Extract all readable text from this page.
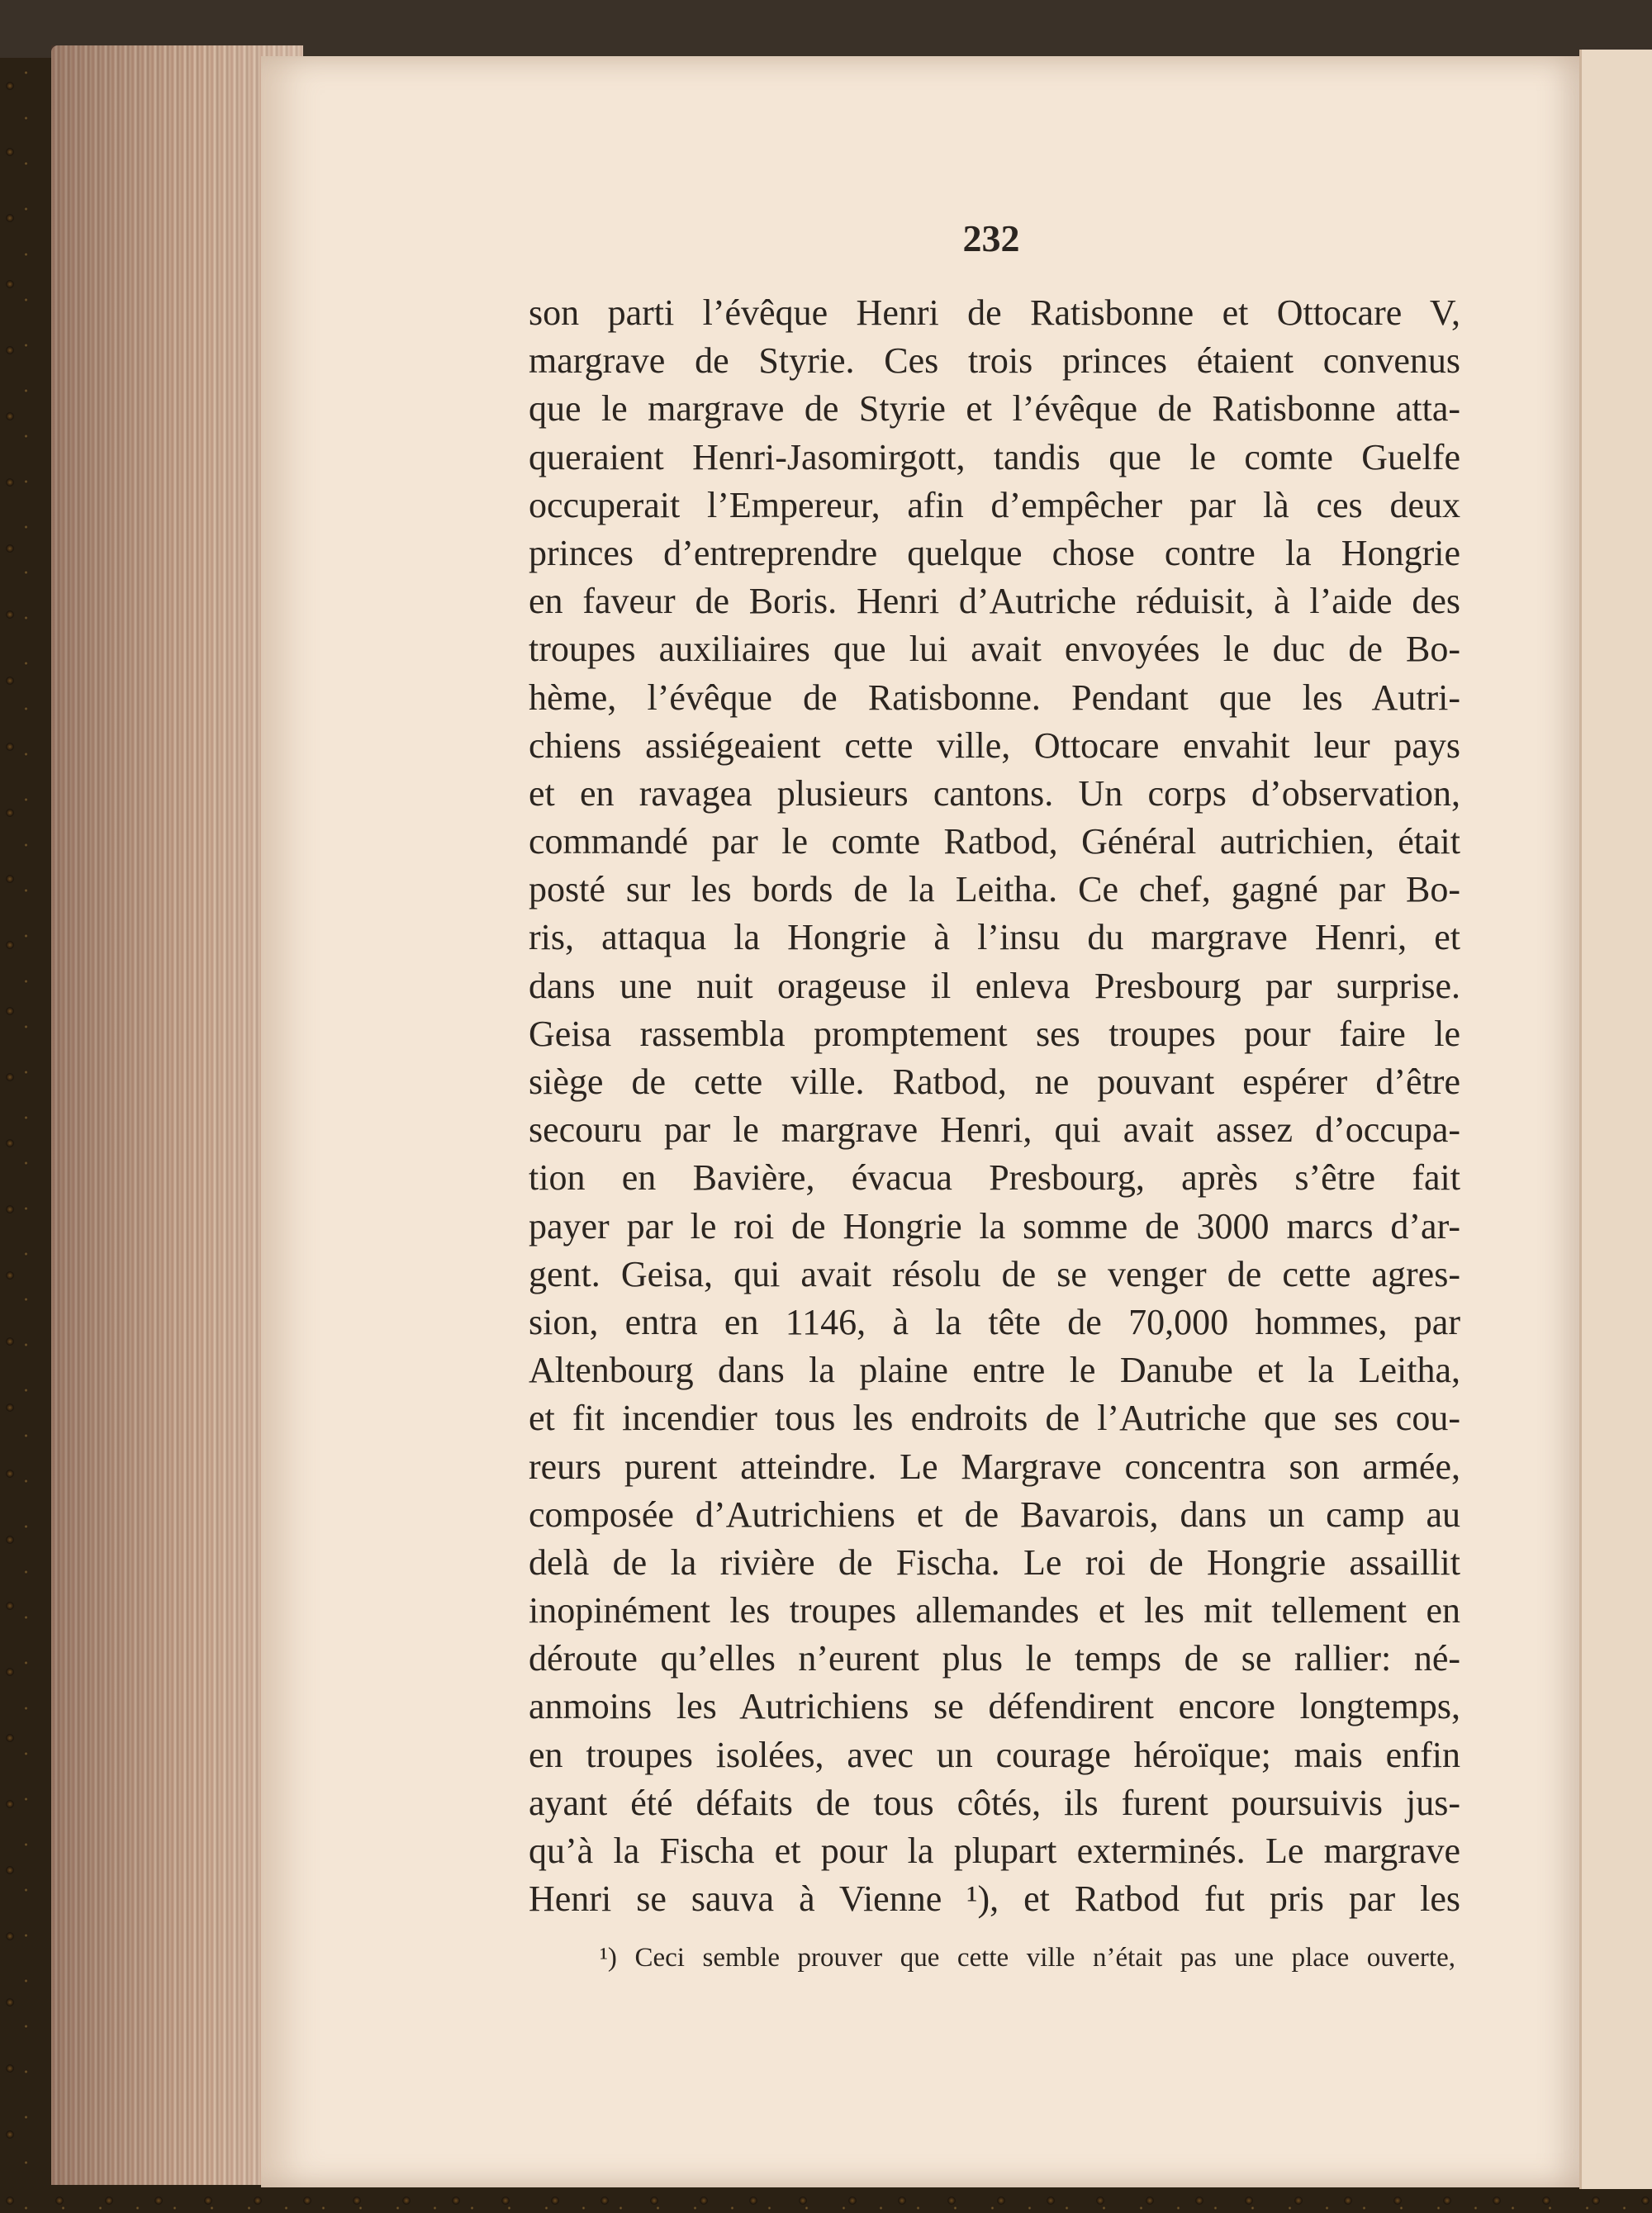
232
son parti l’évêque Henri de Ratisbonne et Ottocare V,
margrave de Styrie. Ces trois princes étaient convenus
que le margrave de Styrie et l’évêque de Ratisbonne atta-
queraient Henri-Jasomirgott, tandis que le comte Guelfe
occuperait l’Empereur, afin d’empêcher par là ces deux
princes d’entreprendre quelque chose contre la Hongrie
en faveur de Boris. Henri d’Autriche réduisit, à l’aide des
troupes auxiliaires que lui avait envoyées le duc de Bo-
hème, l’évêque de Ratisbonne. Pendant que les Autri-
chiens assiégeaient cette ville, Ottocare envahit leur pays
et en ravagea plusieurs cantons. Un corps d’observation,
commandé par le comte Ratbod, Général autrichien, était
posté sur les bords de la Leitha. Ce chef, gagné par Bo-
ris, attaqua la Hongrie à l’insu du margrave Henri, et
dans une nuit orageuse il enleva Presbourg par surprise.
Geisa rassembla promptement ses troupes pour faire le
siège de cette ville. Ratbod, ne pouvant espérer d’être
secouru par le margrave Henri, qui avait assez d’occupa-
tion en Bavière, évacua Presbourg, après s’être fait
payer par le roi de Hongrie la somme de 3000 marcs d’ar-
gent. Geisa, qui avait résolu de se venger de cette agres-
sion, entra en 1146, à la tête de 70,000 hommes, par
Altenbourg dans la plaine entre le Danube et la Leitha,
et fit incendier tous les endroits de l’Autriche que ses cou-
reurs purent atteindre. Le Margrave concentra son armée,
composée d’Autrichiens et de Bavarois, dans un camp au
delà de la rivière de Fischa. Le roi de Hongrie assaillit
inopinément les troupes allemandes et les mit tellement en
déroute qu’elles n’eurent plus le temps de se rallier: né-
anmoins les Autrichiens se défendirent encore longtemps,
en troupes isolées, avec un courage héroïque; mais enfin
ayant été défaits de tous côtés, ils furent poursuivis jus-
qu’à la Fischa et pour la plupart exterminés. Le margrave
Henri se sauva à Vienne ¹), et Ratbod fut pris par les
¹) Ceci semble prouver que cette ville n’était pas une place ouverte,
